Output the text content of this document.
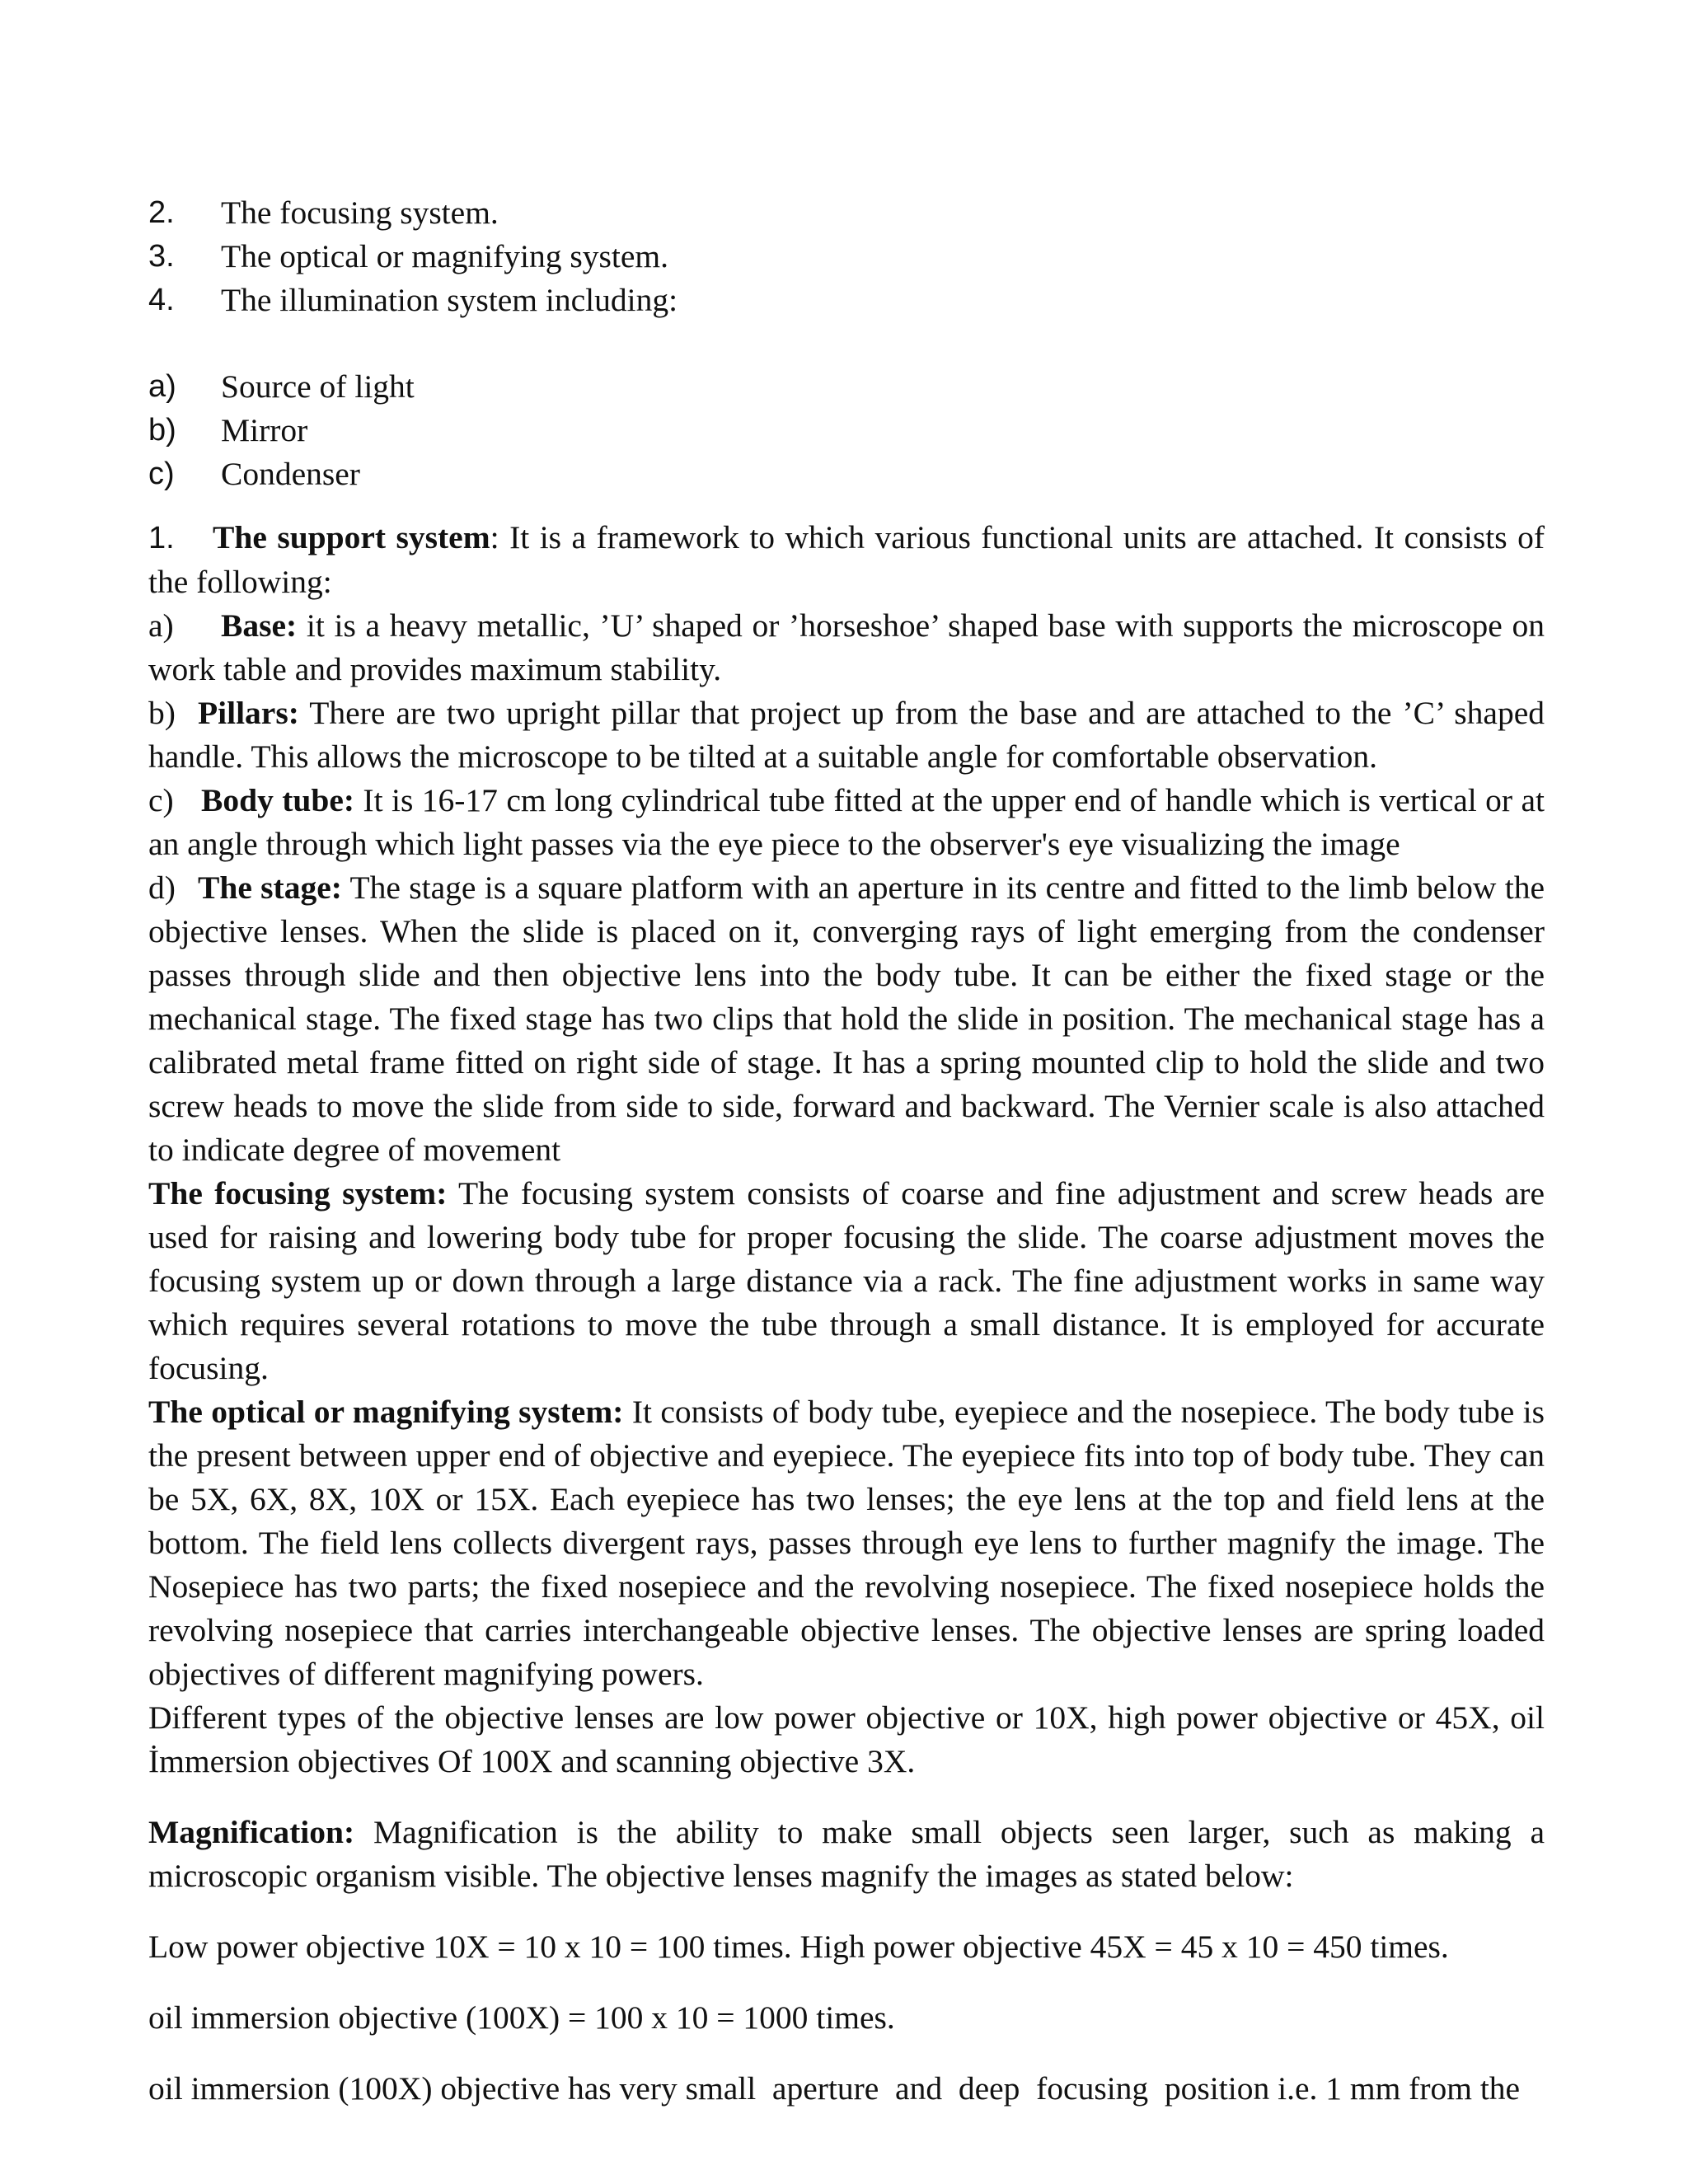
2.	The focusing system.
3.	The optical or magnifying system.
4.	The illumination system including:
a)	Source of light
b)	Mirror
c)	Condenser

1. The support system: It is a framework to which various functional units are attached. It consists of the following:

a) Base: it is a heavy metallic, ’U’ shaped or ’horseshoe’ shaped base with supports the microscope on work table and provides maximum stability.

b) Pillars: There are two upright pillar that project up from the base and are attached to the ’C’ shaped handle. This allows the microscope to be tilted at a suitable angle for comfortable observation.

c) Body tube: It is 16-17 cm long cylindrical tube fitted at the upper end of handle which is vertical or at an angle through which light passes via the eye piece to the observer's eye visualizing the image

d) The stage: The stage is a square platform with an aperture in its centre and fitted to the limb below the objective lenses. When the slide is placed on it, converging rays of light emerging from the condenser passes through slide and then objective lens into the body tube. It can be either the fixed stage or the mechanical stage. The fixed stage has two clips that hold the slide in position. The mechanical stage has a calibrated metal frame fitted on right side of stage. It has a spring mounted clip to hold the slide and two screw heads to move the slide from side to side, forward and backward. The Vernier scale is also attached to indicate degree of movement

The focusing system: The focusing system consists of coarse and fine adjustment and screw heads are used for raising and lowering body tube for proper focusing the slide. The coarse adjustment moves the focusing system up or down through a large distance via a rack. The fine adjustment works in same way which requires several rotations to move the tube through a small distance. It is employed for accurate focusing.

The optical or magnifying system: It consists of body tube, eyepiece and the nosepiece. The body tube is the present between upper end of objective and eyepiece. The eyepiece fits into top of body tube. They can be 5X, 6X, 8X, 10X or 15X. Each eyepiece has two lenses; the eye lens at the top and field lens at the bottom. The field lens collects divergent rays, passes through eye lens to further magnify the image. The Nosepiece has two parts; the fixed nosepiece and the revolving nosepiece. The fixed nosepiece holds the revolving nosepiece that carries interchangeable objective lenses. The objective lenses are spring loaded objectives of different magnifying powers.

Different types of the objective lenses are low power objective or 10X, high power objective or 45X, oil İmmersion objectives Of 100X and scanning objective 3X.

Magnification: Magnification is the ability to make small objects seen larger, such as making a microscopic organism visible. The objective lenses magnify the images as stated below:

Low power objective 10X = 10 x 10 = 100 times. High power objective 45X = 45 x 10 = 450 times.

oil immersion objective (100X) = 100 x 10 = 1000 times.

oil immersion (100X) objective has very small  aperture  and  deep  focusing  position i.e. 1 mm from the
